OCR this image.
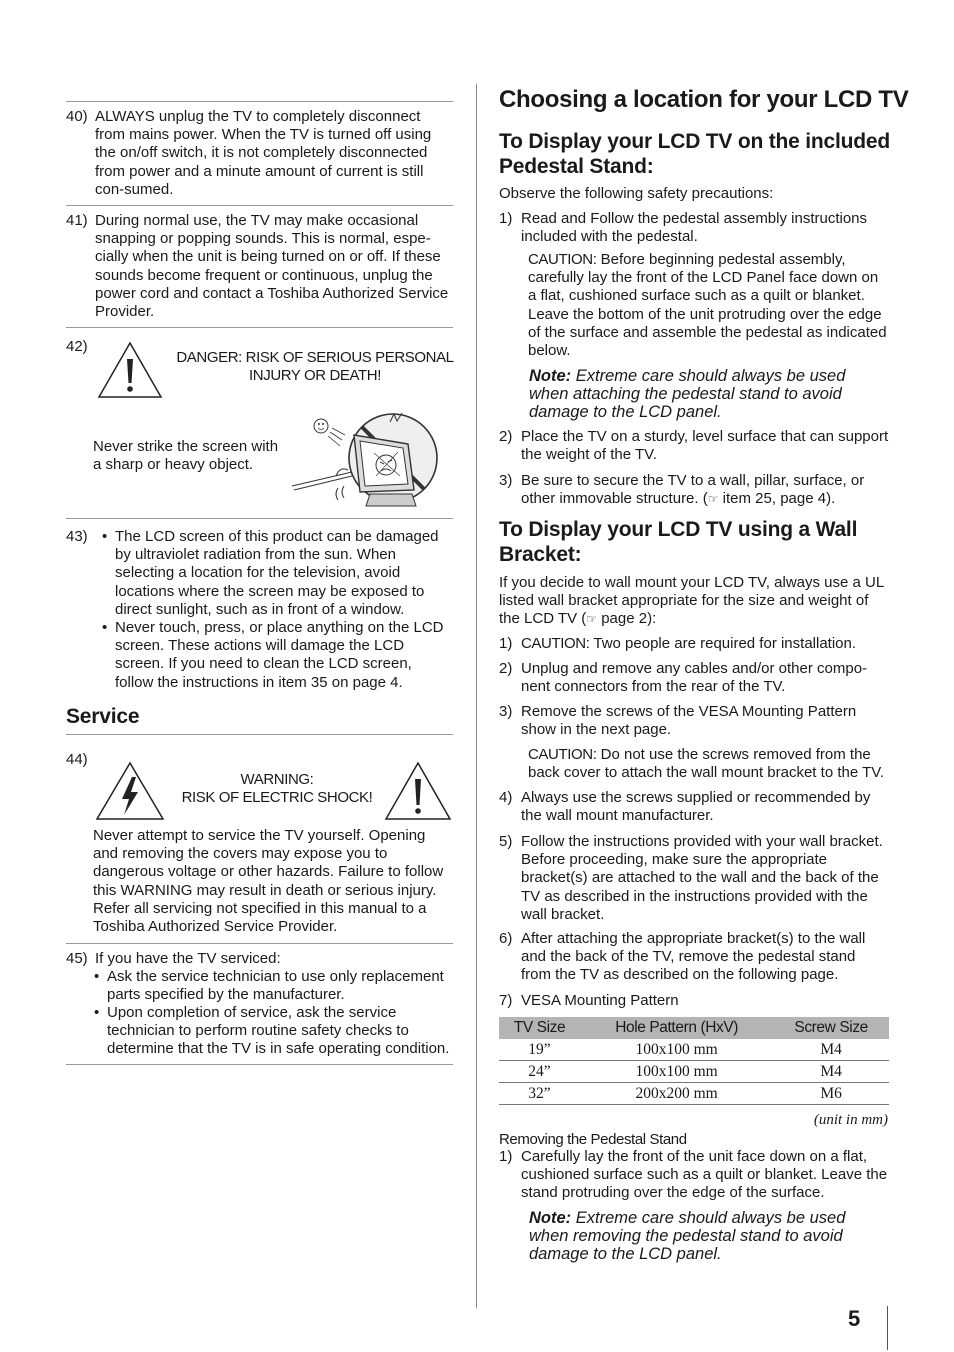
40) ALWAYS unplug the TV to completely disconnect from mains power. When the TV is turned off using the on/off switch, it is not completely disconnected from power and a minute amount of current is still con-sumed.
41) During normal use, the TV may make occasional snapping or popping sounds. This is normal, espe-cially when the unit is being turned on or off. If these sounds become frequent or continuous, unplug the power cord and contact a Toshiba Authorized Service Provider.
42)
DANGER: RISK OF SERIOUS PERSONAL
INJURY OR DEATH!
Never strike the screen with
a sharp or heavy object.
43) • The LCD screen of this product can be damaged by ultraviolet radiation from the sun. When selecting a location for the television, avoid locations where the screen may be exposed to direct sunlight, such as in front of a window.
• Never touch, press, or place anything on the LCD screen. These actions will damage the LCD screen. If you need to clean the LCD screen, follow the instructions in item 35 on page 4.
Service
44)
WARNING:
RISK OF ELECTRIC SHOCK!
Never attempt to service the TV yourself. Opening and removing the covers may expose you to dangerous voltage or other hazards. Failure to follow this WARNING may result in death or serious injury. Refer all servicing not specified in this manual to a Toshiba Authorized Service Provider.
45) If you have the TV serviced:
• Ask the service technician to use only replacement parts specified by the manufacturer.
• Upon completion of service, ask the service technician to perform routine safety checks to determine that the TV is in safe operating condition.
Choosing a location for your LCD TV
To Display your LCD TV on the included
Pedestal Stand:
Observe the following safety precautions:
1) Read and Follow the pedestal assembly instructions included with the pedestal.
CAUTION: Before beginning pedestal assembly, carefully lay the front of the LCD Panel face down on a flat, cushioned surface such as a quilt or blanket. Leave the bottom of the unit protruding over the edge of the surface and assemble the pedestal as indicated below.
Note: Extreme care should always be used when attaching the pedestal stand to avoid damage to the LCD panel.
2) Place the TV on a sturdy, level surface that can support the weight of the TV.
3) Be sure to secure the TV to a wall, pillar, surface, or other immovable structure. (☞ item 25, page 4).
To Display your LCD TV using a Wall
Bracket:
If you decide to wall mount your LCD TV, always use a UL listed wall bracket appropriate for the size and weight of the LCD TV (☞ page 2):
1) CAUTION: Two people are required for installation.
2) Unplug and remove any cables and/or other compo-nent connectors from the rear of the TV.
3) Remove the screws of the VESA Mounting Pattern show in the next page.
CAUTION: Do not use the screws removed from the back cover to attach the wall mount bracket to the TV.
4) Always use the screws supplied or recommended by the wall mount manufacturer.
5) Follow the instructions provided with your wall bracket. Before proceeding, make sure the appropriate bracket(s) are attached to the wall and the back of the TV as described in the instructions provided with the wall bracket.
6) After attaching the appropriate bracket(s) to the wall and the back of the TV, remove the pedestal stand from the TV as described on the following page.
7) VESA Mounting Pattern
TV Size	Hole Pattern (HxV)	Screw Size
19”	100x100 mm	M4
24”	100x100 mm	M4
32”	200x200 mm	M6
(unit in mm)
Removing the Pedestal Stand
1) Carefully lay the front of the unit face down on a flat, cushioned surface such as a quilt or blanket. Leave the stand protruding over the edge of the surface.
Note: Extreme care should always be used when removing the pedestal stand to avoid damage to the LCD panel.
5
